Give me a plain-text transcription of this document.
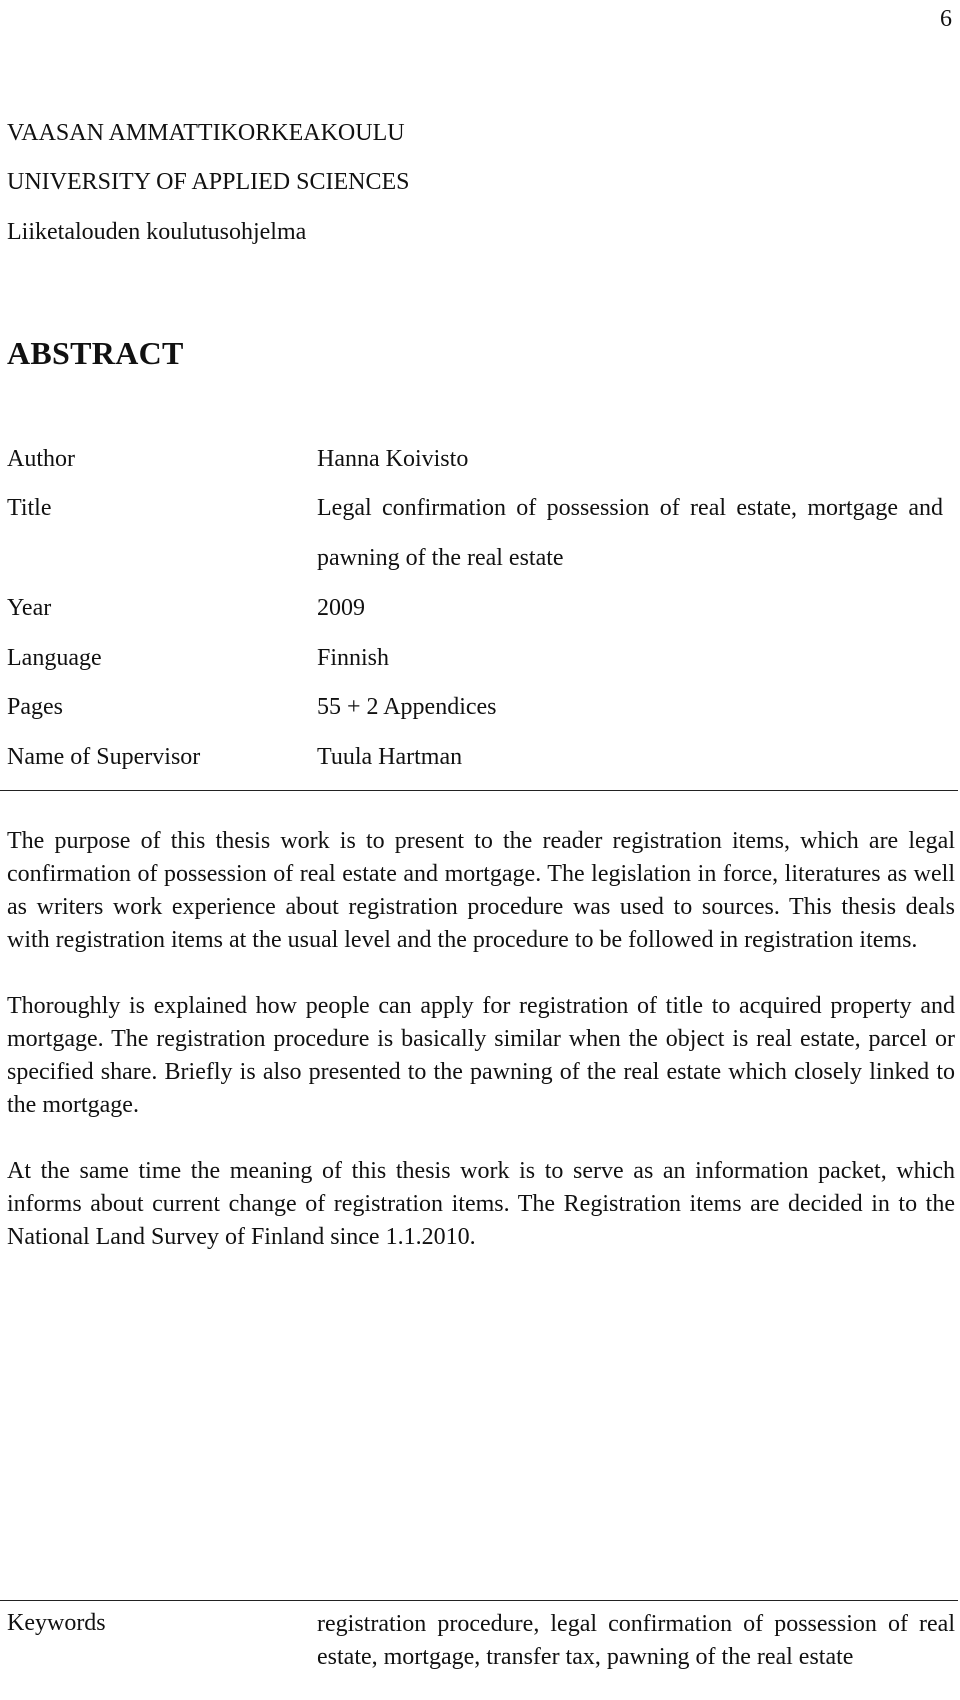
6
VAASAN AMMATTIKORKEAKOULU
UNIVERSITY OF APPLIED SCIENCES
Liiketalouden koulutusohjelma
ABSTRACT
Author	Hanna Koivisto
Title	Legal confirmation of possession of real estate, mortgage and pawning of the real estate
Year	2009
Language	Finnish
Pages	55 + 2 Appendices
Name of Supervisor	Tuula Hartman

The purpose of this thesis work is to present to the reader registration items, which are legal confirmation of possession of real estate and mortgage. The legislation in force, literatures as well as writers work experience about registration procedure was used to sources. This thesis deals with registration items at the usual level and the procedure to be followed in registration items.

Thoroughly is explained how people can apply for registration of title to acquired property and mortgage. The registration procedure is basically similar when the object is real estate, parcel or specified share. Briefly is also presented to the pawning of the real estate which closely linked to the mortgage.

At the same time the meaning of this thesis work is to serve as an information packet, which informs about current change of registration items. The Registration items are decided in to the National Land Survey of Finland since 1.1.2010.

Keywords	registration procedure, legal confirmation of possession of real estate, mortgage, transfer tax, pawning of the real estate
